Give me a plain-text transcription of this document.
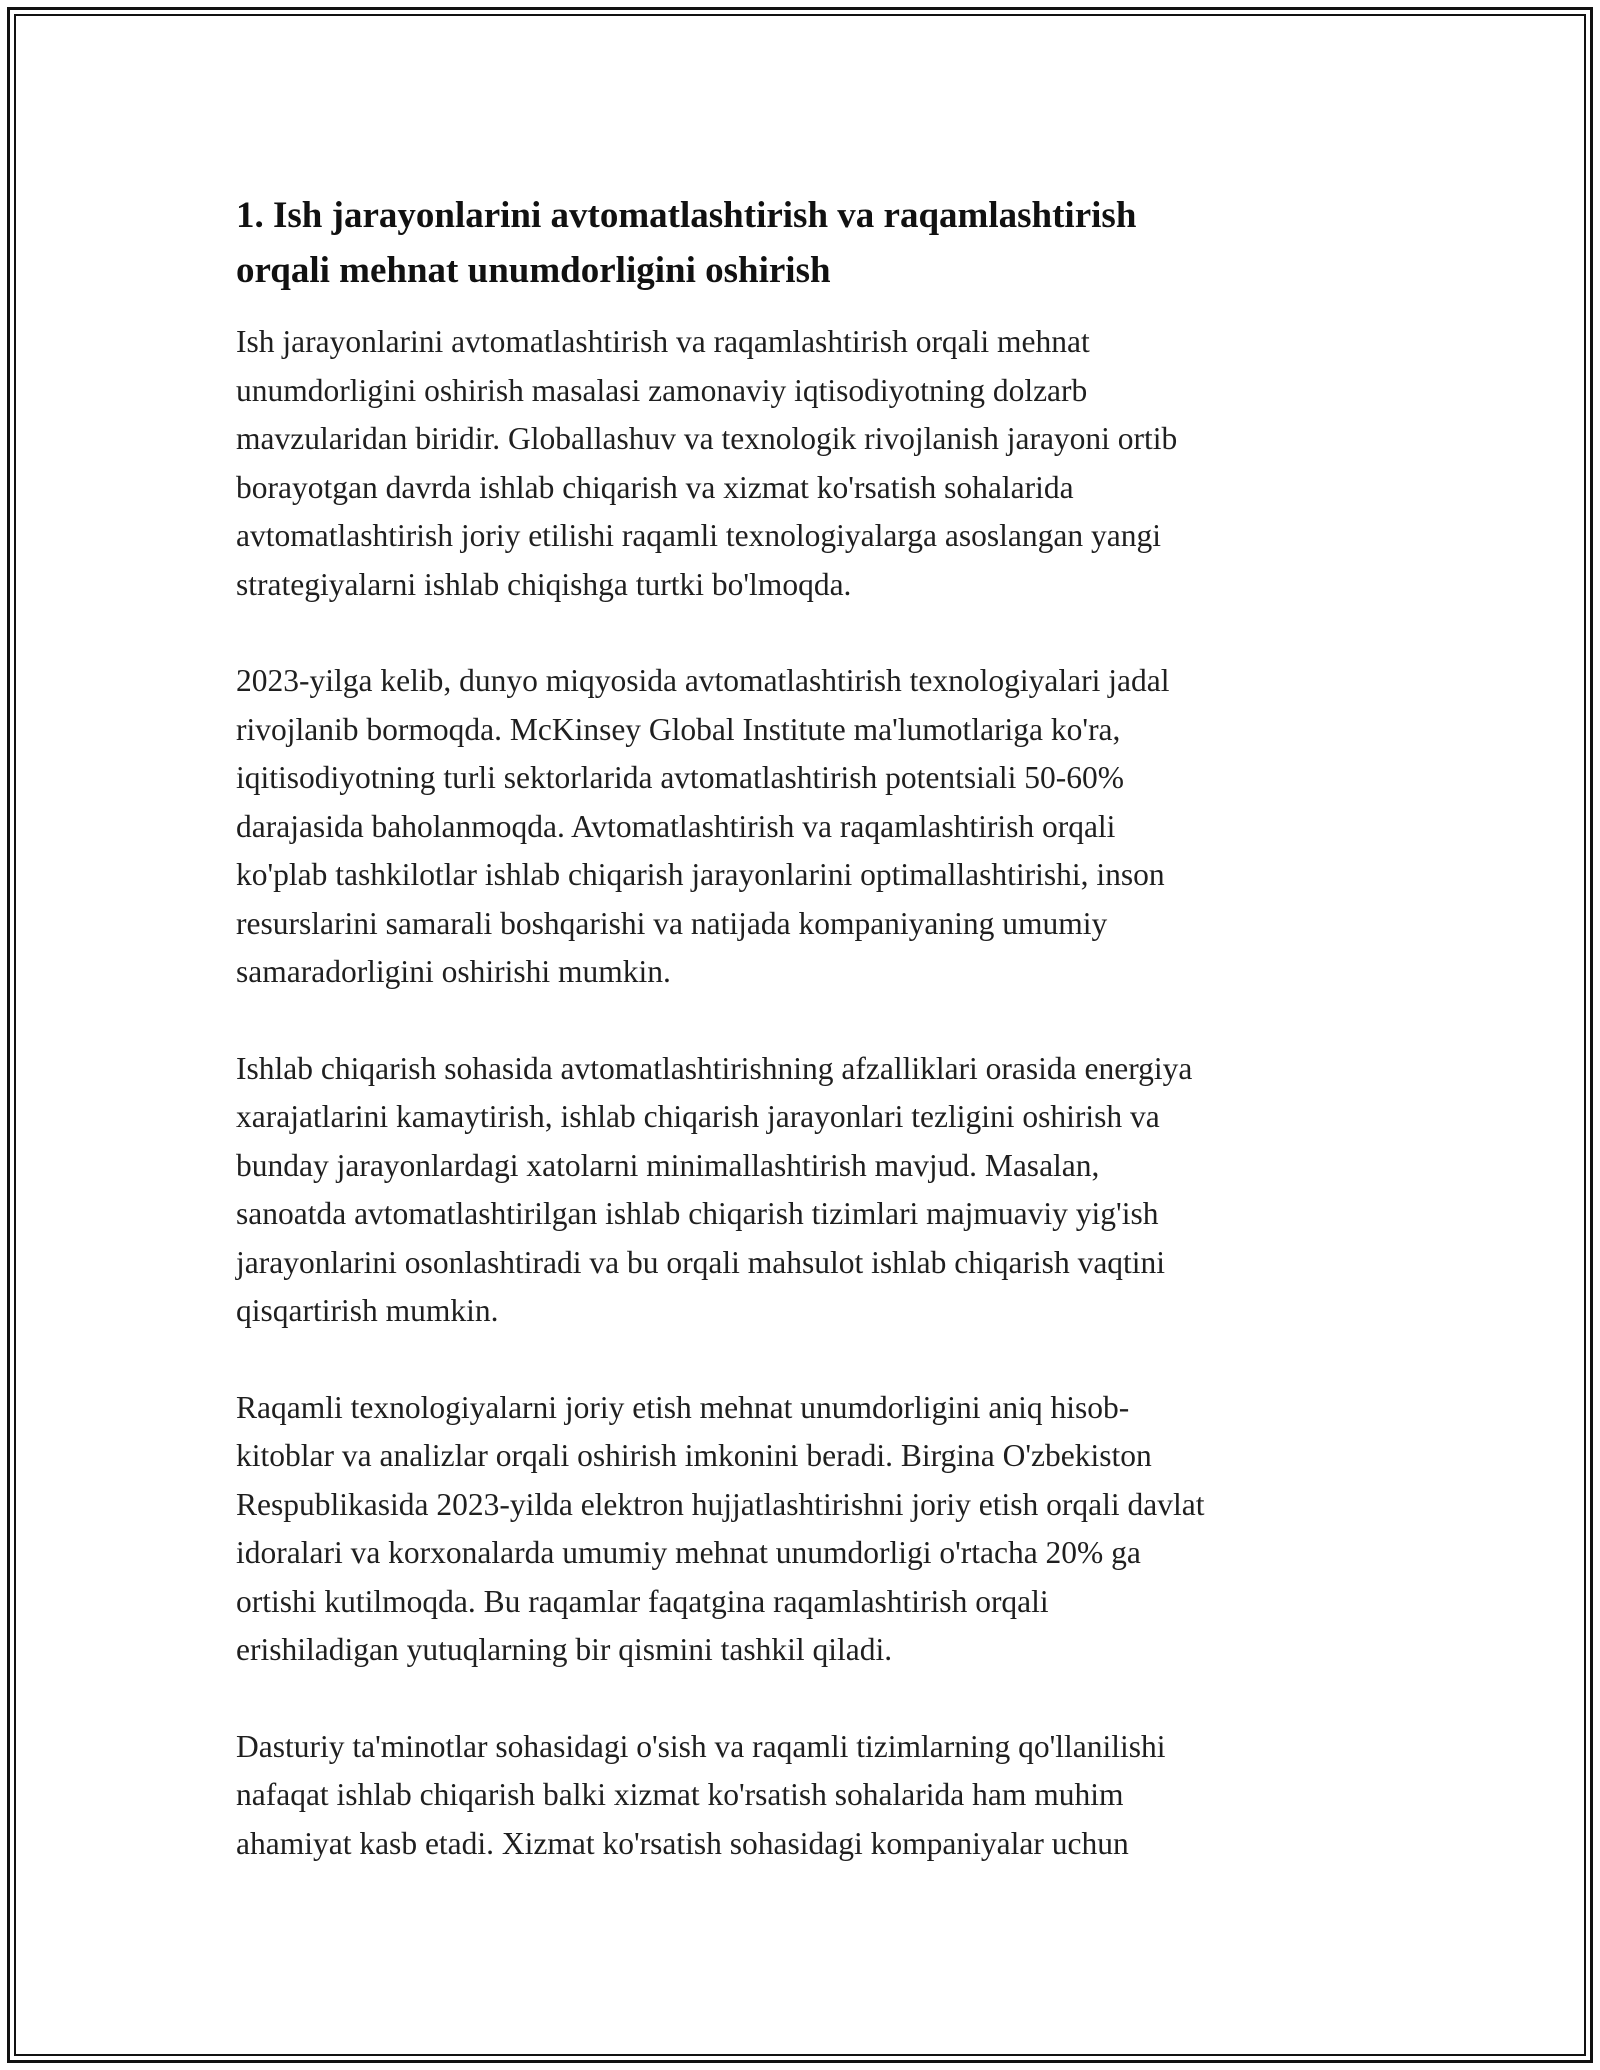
1. Ish jarayonlarini avtomatlashtirish va raqamlashtirish
orqali mehnat unumdorligini oshirish
Ish jarayonlarini avtomatlashtirish va raqamlashtirish orqali mehnat
unumdorligini oshirish masalasi zamonaviy iqtisodiyotning dolzarb
mavzularidan biridir. Globallashuv va texnologik rivojlanish jarayoni ortib
borayotgan davrda ishlab chiqarish va xizmat ko'rsatish sohalarida
avtomatlashtirish joriy etilishi raqamli texnologiyalarga asoslangan yangi
strategiyalarni ishlab chiqishga turtki bo'lmoqda.
2023-yilga kelib, dunyo miqyosida avtomatlashtirish texnologiyalari jadal
rivojlanib bormoqda. McKinsey Global Institute ma'lumotlariga ko'ra,
iqitisodiyotning turli sektorlarida avtomatlashtirish potentsiali 50-60%
darajasida baholanmoqda. Avtomatlashtirish va raqamlashtirish orqali
ko'plab tashkilotlar ishlab chiqarish jarayonlarini optimallashtirishi, inson
resurslarini samarali boshqarishi va natijada kompaniyaning umumiy
samaradorligini oshirishi mumkin.
Ishlab chiqarish sohasida avtomatlashtirishning afzalliklari orasida energiya
xarajatlarini kamaytirish, ishlab chiqarish jarayonlari tezligini oshirish va
bunday jarayonlardagi xatolarni minimallashtirish mavjud. Masalan,
sanoatda avtomatlashtirilgan ishlab chiqarish tizimlari majmuaviy yig'ish
jarayonlarini osonlashtiradi va bu orqali mahsulot ishlab chiqarish vaqtini
qisqartirish mumkin.
Raqamli texnologiyalarni joriy etish mehnat unumdorligini aniq hisob-
kitoblar va analizlar orqali oshirish imkonini beradi. Birgina O'zbekiston
Respublikasida 2023-yilda elektron hujjatlashtirishni joriy etish orqali davlat
idoralari va korxonalarda umumiy mehnat unumdorligi o'rtacha 20% ga
ortishi kutilmoqda. Bu raqamlar faqatgina raqamlashtirish orqali
erishiladigan yutuqlarning bir qismini tashkil qiladi.
Dasturiy ta'minotlar sohasidagi o'sish va raqamli tizimlarning qo'llanilishi
nafaqat ishlab chiqarish balki xizmat ko'rsatish sohalarida ham muhim
ahamiyat kasb etadi. Xizmat ko'rsatish sohasidagi kompaniyalar uchun
